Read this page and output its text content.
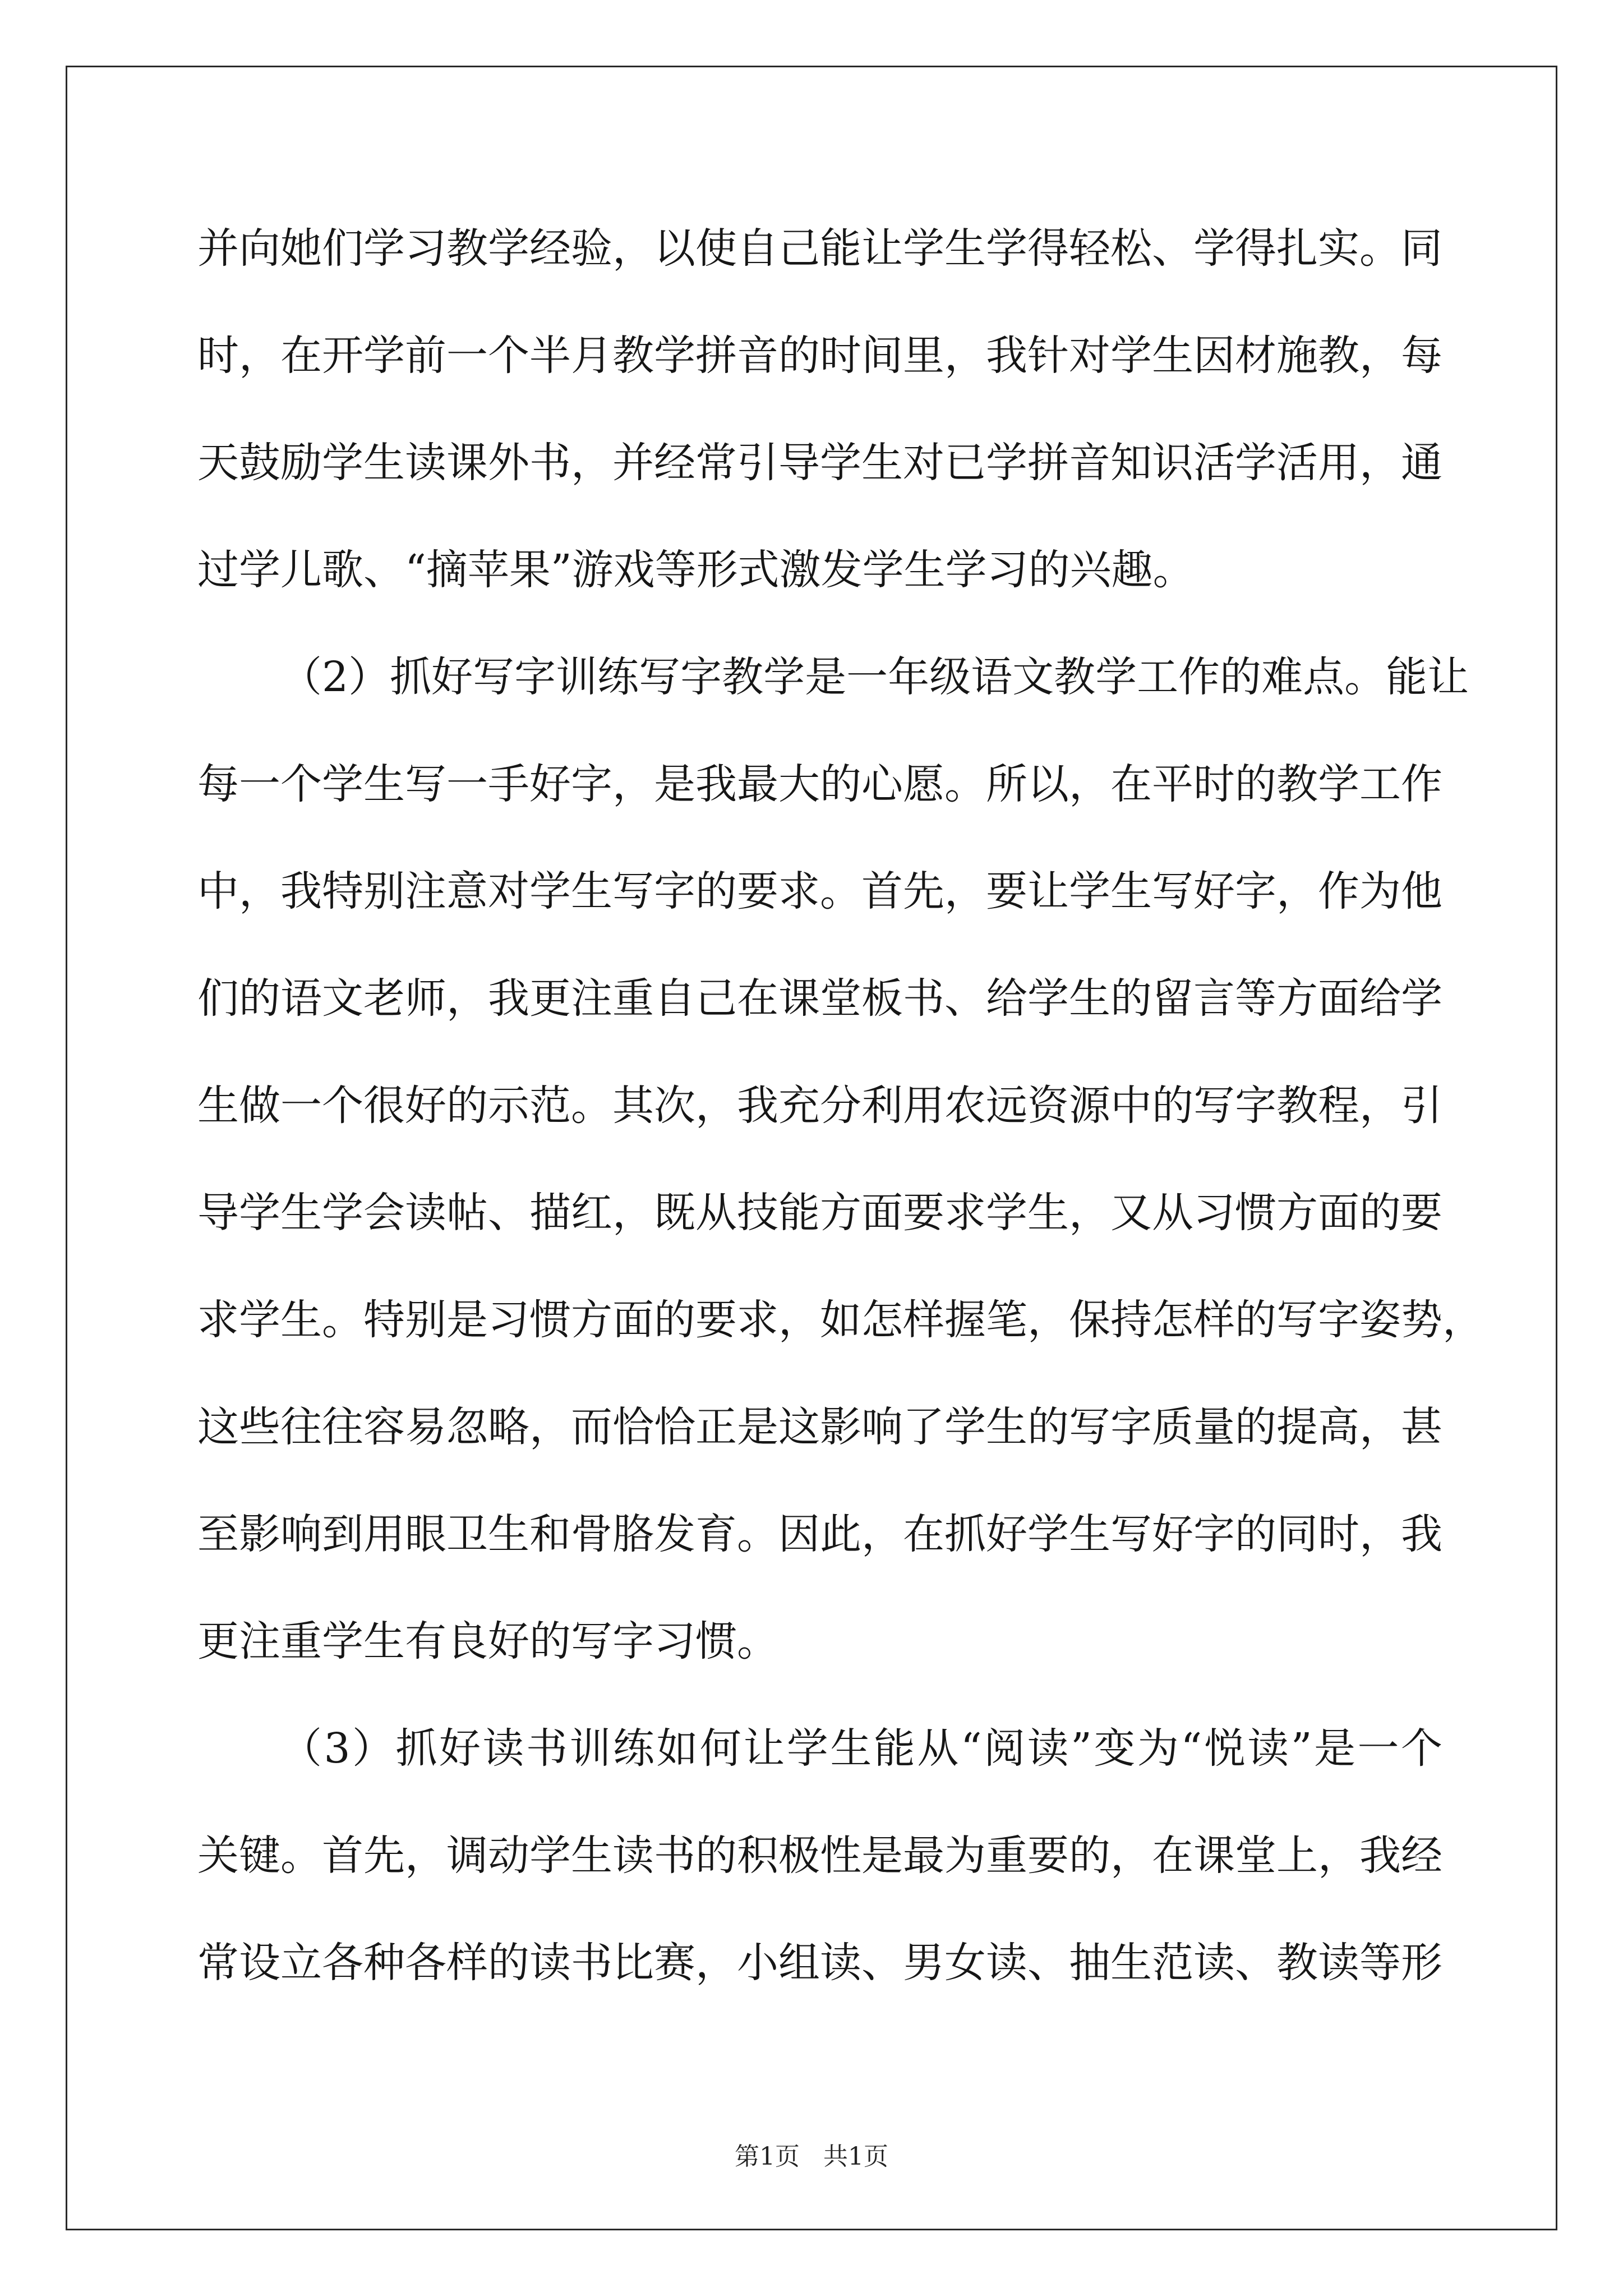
并向她们学习教学经验，以使自己能让学生学得轻松、学得扎实。同
时，在开学前一个半月教学拼音的时间里，我针对学生因材施教，每
天鼓励学生读课外书，并经常引导学生对已学拼音知识活学活用，通
过学儿歌、“摘苹果”游戏等形式激发学生学习的兴趣。
（2）抓好写字训练写字教学是一年级语文教学工作的难点。能让
每一个学生写一手好字，是我最大的心愿。所以，在平时的教学工作
中，我特别注意对学生写字的要求。首先，要让学生写好字，作为他
们的语文老师，我更注重自己在课堂板书、给学生的留言等方面给学
生做一个很好的示范。其次，我充分利用农远资源中的写字教程，引
导学生学会读帖、描红，既从技能方面要求学生，又从习惯方面的要
求学生。特别是习惯方面的要求，如怎样握笔，保持怎样的写字姿势，
这些往往容易忽略，而恰恰正是这影响了学生的写字质量的提高，甚
至影响到用眼卫生和骨胳发育。因此，在抓好学生写好字的同时，我
更注重学生有良好的写字习惯。
（3）抓好读书训练如何让学生能从“阅读”变为“悦读”是一个
关键。首先，调动学生读书的积极性是最为重要的，在课堂上，我经
常设立各种各样的读书比赛，小组读、男女读、抽生范读、教读等形
第1页   共1页
